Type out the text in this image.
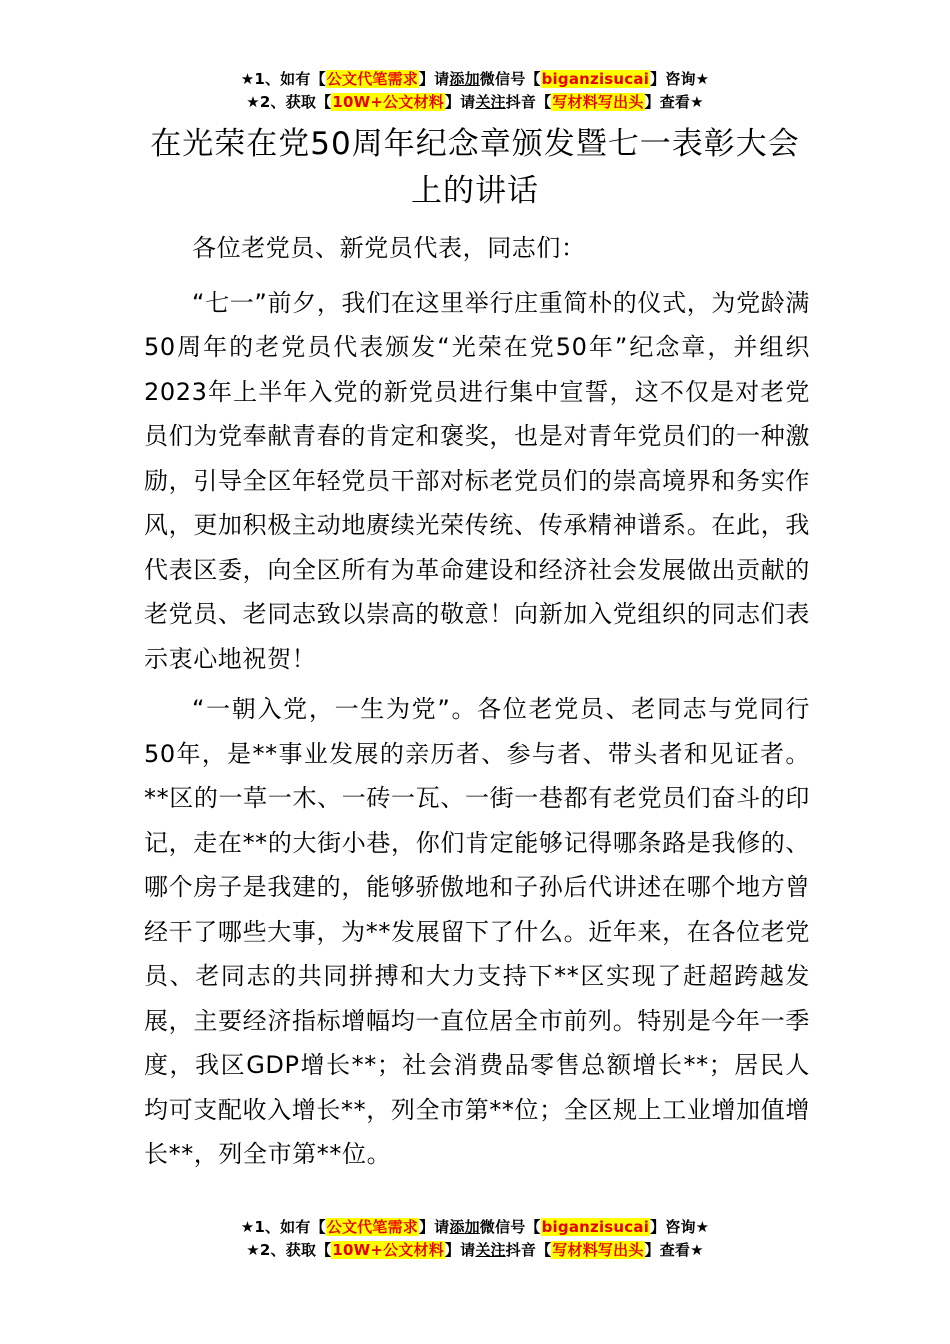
★1、如有【公文代笔需求】请添加微信号【biganzisucai】咨询★
★2、获取【10W+公文材料】请关注抖音【写材料写出头】查看★
在光荣在党50周年纪念章颁发暨七一表彰大会上的讲话

各位老党员、新党员代表，同志们：

“七一”前夕，我们在这里举行庄重简朴的仪式，为党龄满50周年的老党员代表颁发“光荣在党50年”纪念章，并组织2023年上半年入党的新党员进行集中宣誓，这不仅是对老党员们为党奉献青春的肯定和褒奖，也是对青年党员们的一种激励，引导全区年轻党员干部对标老党员们的崇高境界和务实作风，更加积极主动地赓续光荣传统、传承精神谱系。在此，我代表区委，向全区所有为革命建设和经济社会发展做出贡献的老党员、老同志致以崇高的敬意！向新加入党组织的同志们表示衷心地祝贺！

“一朝入党，一生为党”。各位老党员、老同志与党同行50年，是**事业发展的亲历者、参与者、带头者和见证者。**区的一草一木、一砖一瓦、一街一巷都有老党员们奋斗的印记，走在**的大街小巷，你们肯定能够记得哪条路是我修的、哪个房子是我建的，能够骄傲地和子孙后代讲述在哪个地方曾经干了哪些大事，为**发展留下了什么。近年来，在各位老党员、老同志的共同拼搏和大力支持下**区实现了赶超跨越发展，主要经济指标增幅均一直位居全市前列。特别是今年一季度，我区GDP增长**；社会消费品零售总额增长**；居民人均可支配收入增长**，列全市第**位；全区规上工业增加值增长**，列全市第**位。

★1、如有【公文代笔需求】请添加微信号【biganzisucai】咨询★
★2、获取【10W+公文材料】请关注抖音【写材料写出头】查看★
